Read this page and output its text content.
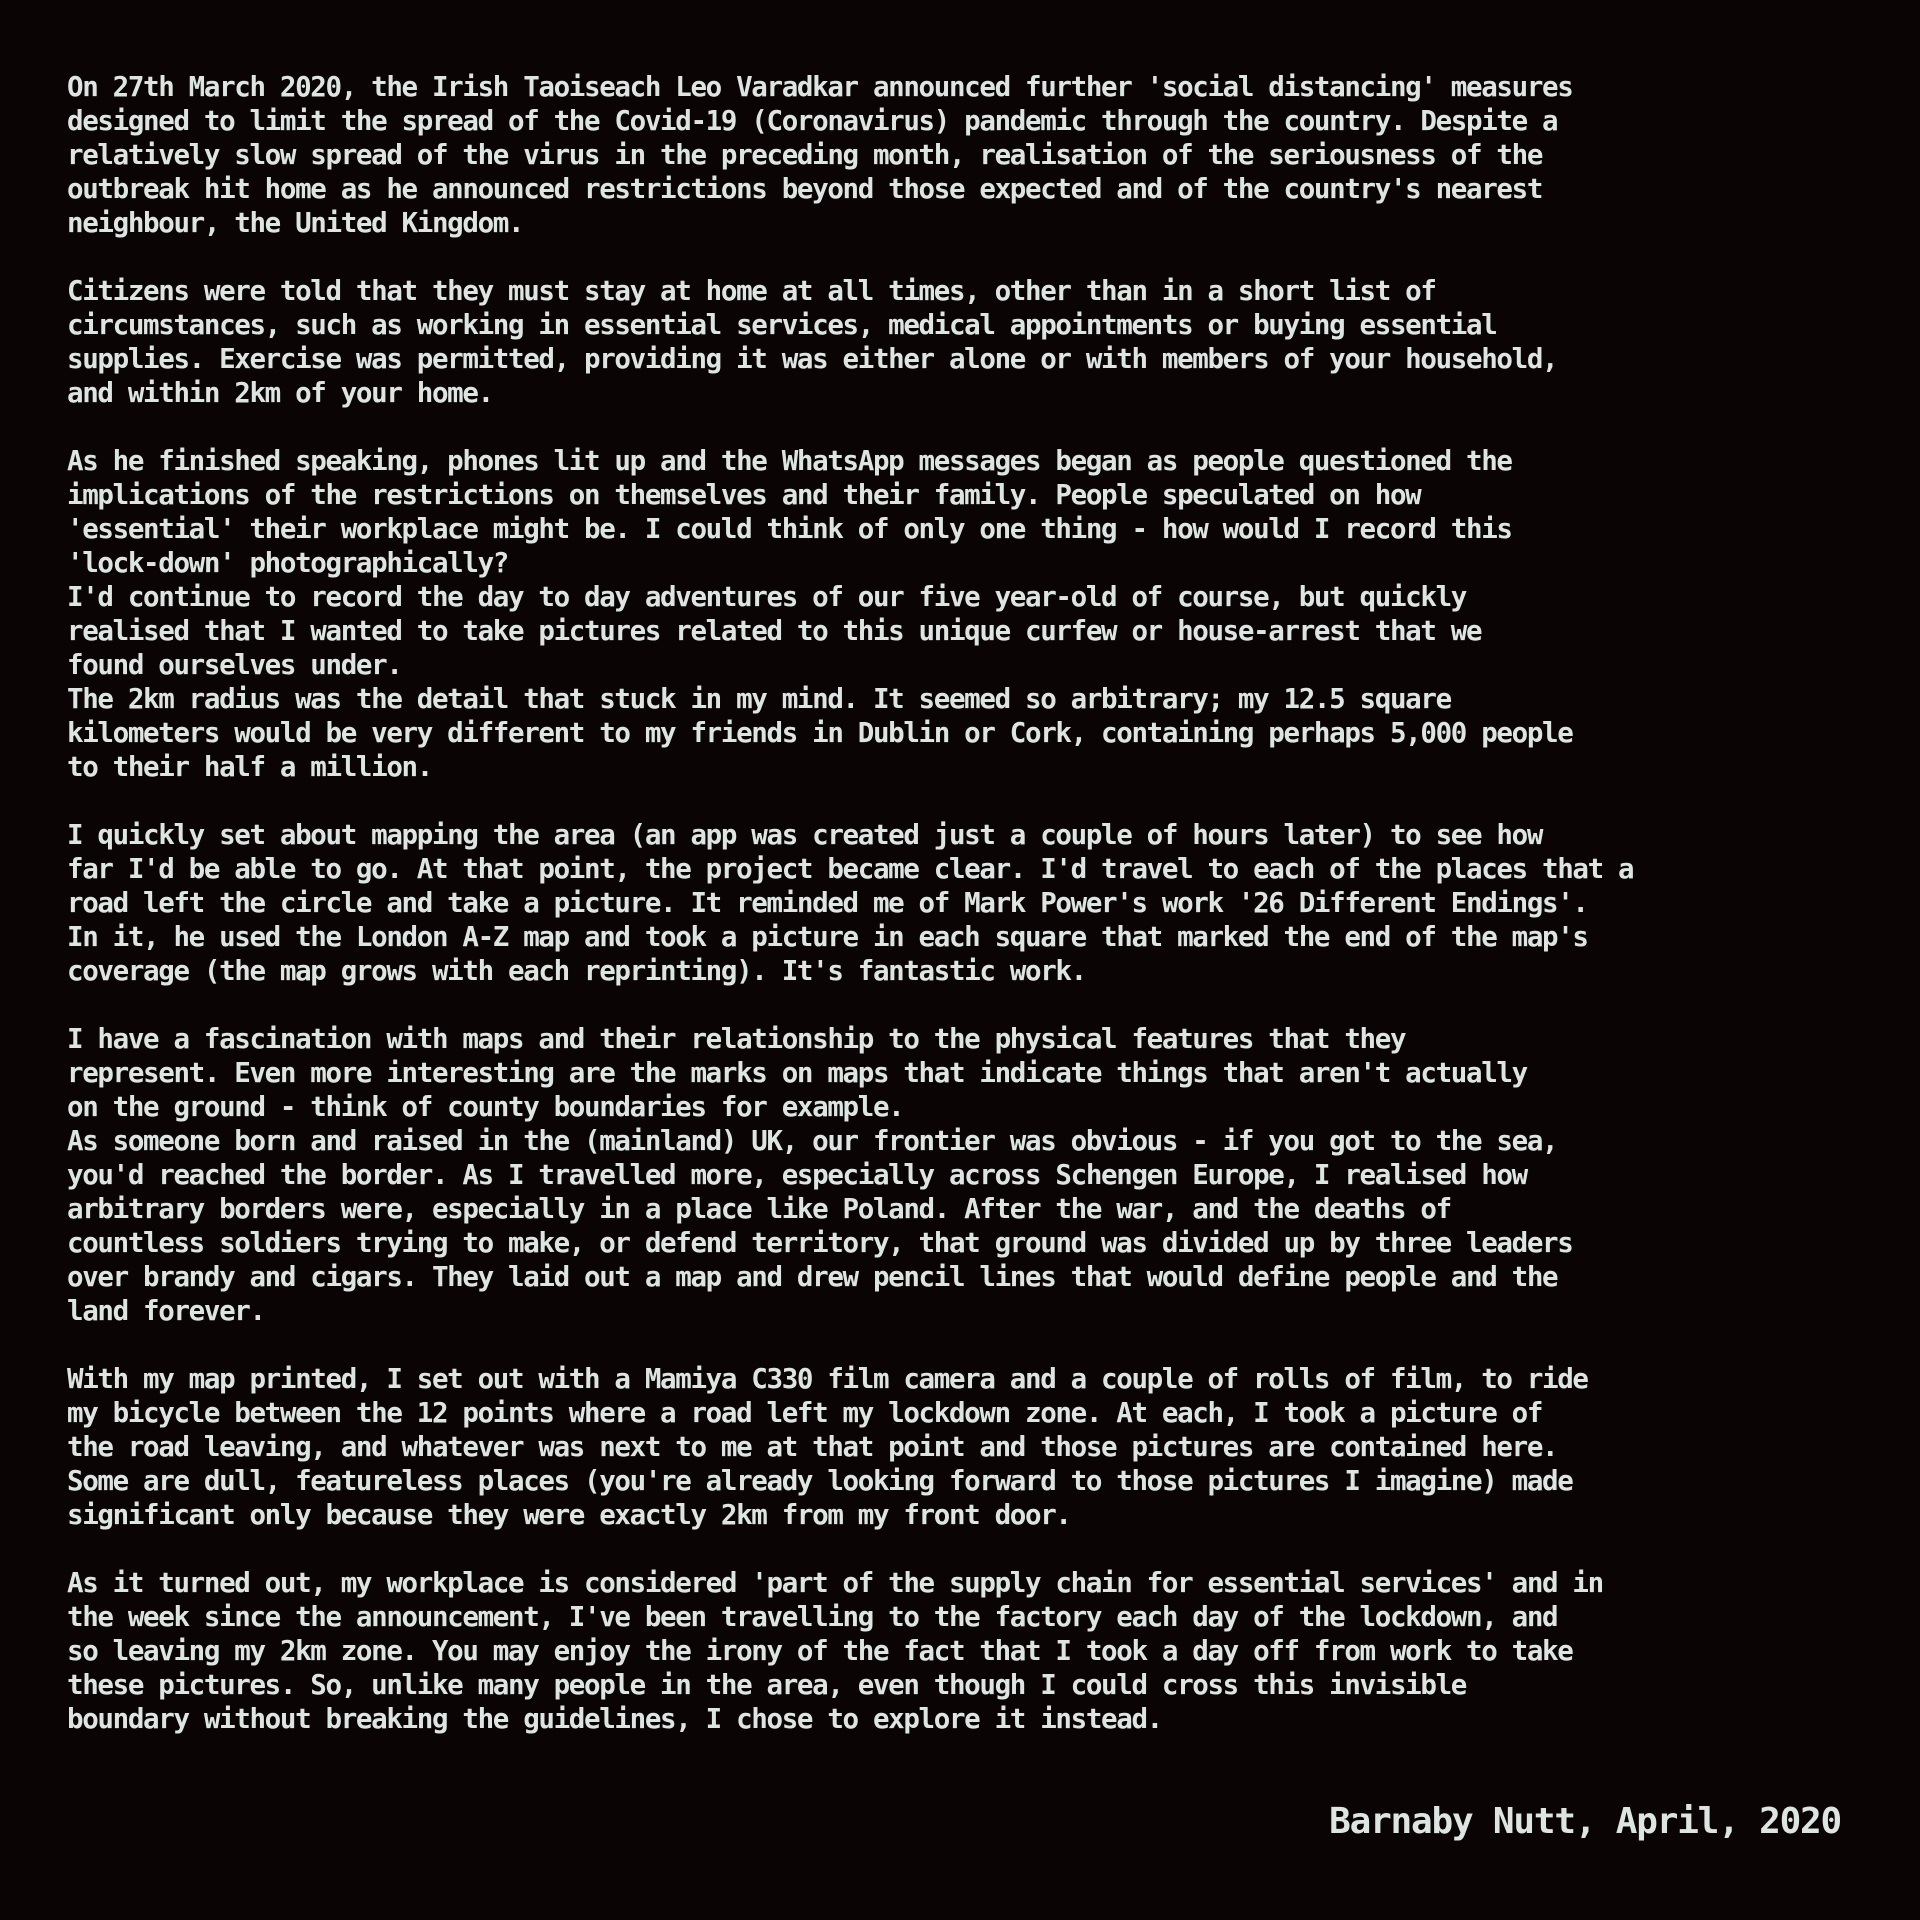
On 27th March 2020, the Irish Taoiseach Leo Varadkar announced further 'social distancing' measures
designed to limit the spread of the Covid-19 (Coronavirus) pandemic through the country. Despite a
relatively slow spread of the virus in the preceding month, realisation of the seriousness of the
outbreak hit home as he announced restrictions beyond those expected and of the country's nearest
neighbour, the United Kingdom.
Citizens were told that they must stay at home at all times, other than in a short list of
circumstances, such as working in essential services, medical appointments or buying essential
supplies. Exercise was permitted, providing it was either alone or with members of your household,
and within 2km of your home.
As he finished speaking, phones lit up and the WhatsApp messages began as people questioned the
implications of the restrictions on themselves and their family. People speculated on how
'essential' their workplace might be. I could think of only one thing - how would I record this
'lock-down' photographically?
I'd continue to record the day to day adventures of our five year-old of course, but quickly
realised that I wanted to take pictures related to this unique curfew or house-arrest that we
found ourselves under.
The 2km radius was the detail that stuck in my mind. It seemed so arbitrary; my 12.5 square
kilometers would be very different to my friends in Dublin or Cork, containing perhaps 5,000 people
to their half a million.
I quickly set about mapping the area (an app was created just a couple of hours later) to see how
far I'd be able to go. At that point, the project became clear. I'd travel to each of the places that a
road left the circle and take a picture. It reminded me of Mark Power's work '26 Different Endings'.
In it, he used the London A-Z map and took a picture in each square that marked the end of the map's
coverage (the map grows with each reprinting). It's fantastic work.
I have a fascination with maps and their relationship to the physical features that they
represent. Even more interesting are the marks on maps that indicate things that aren't actually
on the ground - think of county boundaries for example.
As someone born and raised in the (mainland) UK, our frontier was obvious - if you got to the sea,
you'd reached the border. As I travelled more, especially across Schengen Europe, I realised how
arbitrary borders were, especially in a place like Poland. After the war, and the deaths of
countless soldiers trying to make, or defend territory, that ground was divided up by three leaders
over brandy and cigars. They laid out a map and drew pencil lines that would define people and the
land forever.
With my map printed, I set out with a Mamiya C330 film camera and a couple of rolls of film, to ride
my bicycle between the 12 points where a road left my lockdown zone. At each, I took a picture of
the road leaving, and whatever was next to me at that point and those pictures are contained here.
Some are dull, featureless places (you're already looking forward to those pictures I imagine) made
significant only because they were exactly 2km from my front door.
As it turned out, my workplace is considered 'part of the supply chain for essential services' and in
the week since the announcement, I've been travelling to the factory each day of the lockdown, and
so leaving my 2km zone. You may enjoy the irony of the fact that I took a day off from work to take
these pictures. So, unlike many people in the area, even though I could cross this invisible
boundary without breaking the guidelines, I chose to explore it instead.
Barnaby Nutt, April, 2020
